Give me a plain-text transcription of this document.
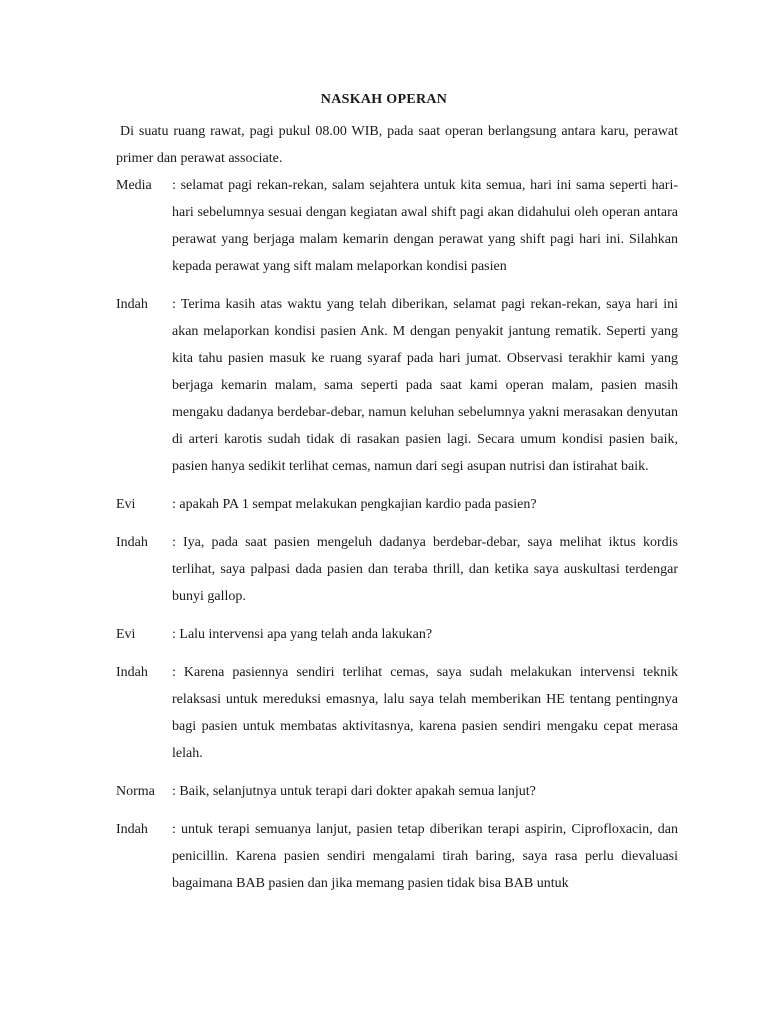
NASKAH OPERAN
Di suatu ruang rawat, pagi pukul 08.00 WIB, pada saat operan berlangsung antara karu, perawat primer dan perawat associate.
Media	: selamat pagi rekan-rekan, salam sejahtera untuk kita semua, hari ini sama seperti hari-hari sebelumnya sesuai dengan kegiatan awal shift pagi akan didahului oleh operan antara perawat yang berjaga malam kemarin dengan perawat yang shift pagi hari ini. Silahkan kepada perawat yang sift malam melaporkan kondisi pasien
Indah	: Terima kasih atas waktu yang telah diberikan, selamat pagi rekan-rekan, saya hari ini akan melaporkan kondisi pasien Ank. M dengan penyakit jantung rematik. Seperti yang kita tahu pasien masuk ke ruang syaraf pada hari jumat. Observasi terakhir kami yang berjaga kemarin malam, sama seperti pada saat kami operan malam, pasien masih mengaku dadanya berdebar-debar, namun keluhan sebelumnya yakni merasakan denyutan di arteri karotis sudah tidak di rasakan pasien lagi. Secara umum kondisi pasien baik, pasien hanya sedikit terlihat cemas, namun dari segi asupan nutrisi dan istirahat baik.
Evi	: apakah PA 1 sempat melakukan pengkajian kardio pada pasien?
Indah	: Iya, pada saat pasien mengeluh dadanya berdebar-debar, saya melihat iktus kordis terlihat, saya palpasi dada pasien dan teraba thrill, dan ketika saya auskultasi terdengar bunyi gallop.
Evi	: Lalu intervensi apa yang telah anda lakukan?
Indah	: Karena pasiennya sendiri terlihat cemas, saya sudah melakukan intervensi teknik relaksasi untuk mereduksi emasnya, lalu saya telah memberikan HE tentang pentingnya bagi pasien untuk membatas aktivitasnya, karena pasien sendiri mengaku cepat merasa lelah.
Norma	: Baik, selanjutnya untuk terapi dari dokter apakah semua lanjut?
Indah	: untuk terapi semuanya lanjut, pasien tetap diberikan terapi aspirin, Ciprofloxacin, dan penicillin. Karena pasien sendiri mengalami tirah baring, saya rasa perlu dievaluasi bagaimana BAB pasien dan jika memang pasien tidak bisa BAB untuk
